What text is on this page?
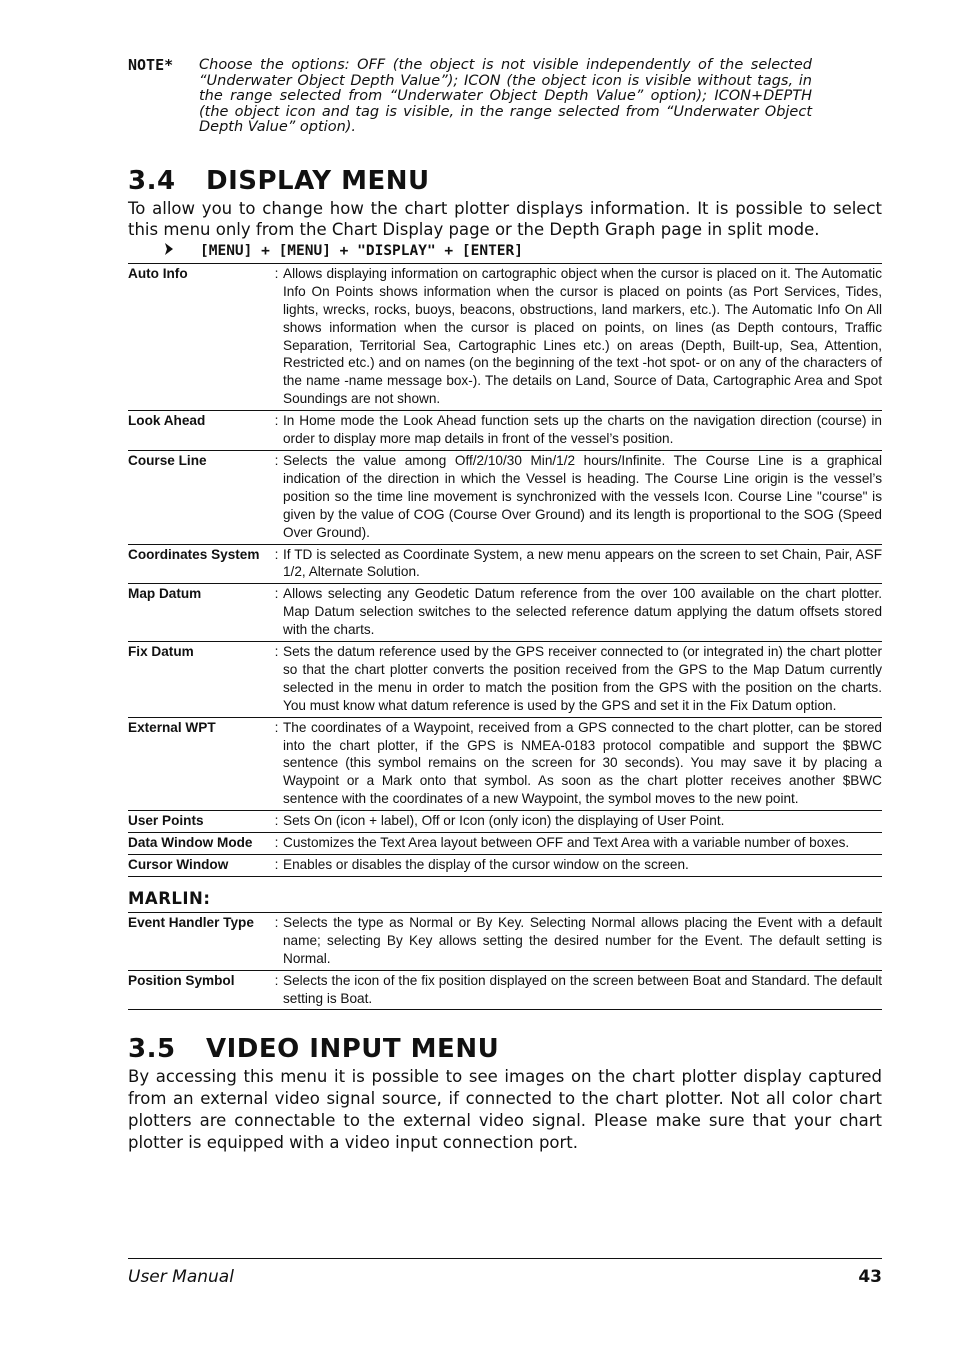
NOTE*	Choose the options: OFF (the object is not visible independently of the selected “Underwater Object Depth Value”); ICON (the object icon is visible without tags, in the range selected from “Underwater Object Depth Value” option); ICON+DEPTH (the object icon and tag is visible, in the range selected from “Underwater Object Depth Value” option).
3.4 DISPLAY MENU

To allow you to change how the chart plotter displays information. It is possible to select this menu only from the Chart Display page or the Depth Graph page in split mode.

[MENU] + [MENU] + "DISPLAY" + [ENTER]
Auto Info	:	Allows displaying information on cartographic object when the cursor is placed on it. The Automatic Info On Points shows information when the cursor is placed on points (as Port Services, Tides, lights, wrecks, rocks, buoys, beacons, obstructions, land markers, etc.). The Automatic Info On All shows information when the cursor is placed on points, on lines (as Depth contours, Traffic Separation, Territorial Sea, Cartographic Lines etc.) on areas (Depth, Built-up, Sea, Attention, Restricted etc.) and on names (on the beginning of the text -hot spot- or on any of the characters of the name -name message box-). The details on Land, Source of Data, Cartographic Area and Spot Soundings are not shown.
Look Ahead	:	In Home mode the Look Ahead function sets up the charts on the navigation direction (course) in order to display more map details in front of the vessel’s position.
Course Line	:	Selects the value among Off/2/10/30 Min/1/2 hours/Infinite. The Course Line is a graphical indication of the direction in which the Vessel is heading. The Course Line origin is the vessel’s position so the time line movement is synchronized with the vessels Icon. Course Line "course" is given by the value of COG (Course Over Ground) and its length is proportional to the SOG (Speed Over Ground).
Coordinates System	:	If TD is selected as Coordinate System, a new menu appears on the screen to set Chain, Pair, ASF 1/2, Alternate Solution.
Map Datum	:	Allows selecting any Geodetic Datum reference from the over 100 available on the chart plotter. Map Datum selection switches to the selected reference datum applying the datum offsets stored with the charts.
Fix Datum	:	Sets the datum reference used by the GPS receiver connected to (or integrated in) the chart plotter so that the chart plotter converts the position received from the GPS to the Map Datum currently selected in the menu in order to match the position from the GPS with the position on the charts. You must know what datum reference is used by the GPS and set it in the Fix Datum option.
External WPT	:	The coordinates of a Waypoint, received from a GPS connected to the chart plotter, can be stored into the chart plotter, if the GPS is NMEA-0183 protocol compatible and support the $BWC sentence (this symbol remains on the screen for 30 seconds). You may save it by placing a Waypoint or a Mark onto that symbol. As soon as the chart plotter receives another $BWC sentence with the coordinates of a new Waypoint, the symbol moves to the new point.
User Points	:	Sets On (icon + label), Off or Icon (only icon) the displaying of User Point.
Data Window Mode	:	Customizes the Text Area layout between OFF and Text Area with a variable number of boxes.
Cursor Window	:	Enables or disables the display of the cursor window on the screen.
MARLIN:
Event Handler Type	:	Selects the type as Normal or By Key. Selecting Normal allows placing the Event with a default name; selecting By Key allows setting the desired number for the Event. The default setting is Normal.
Position Symbol	:	Selects the icon of the fix position displayed on the screen between Boat and Standard. The default setting is Boat.
3.5 VIDEO INPUT MENU

By accessing this menu it is possible to see images on the chart plotter display captured from an external video signal source, if connected to the chart plotter. Not all color chart plotters are connectable to the external video signal. Please make sure that your chart plotter is equipped with a video input connection port.

User Manual	43
